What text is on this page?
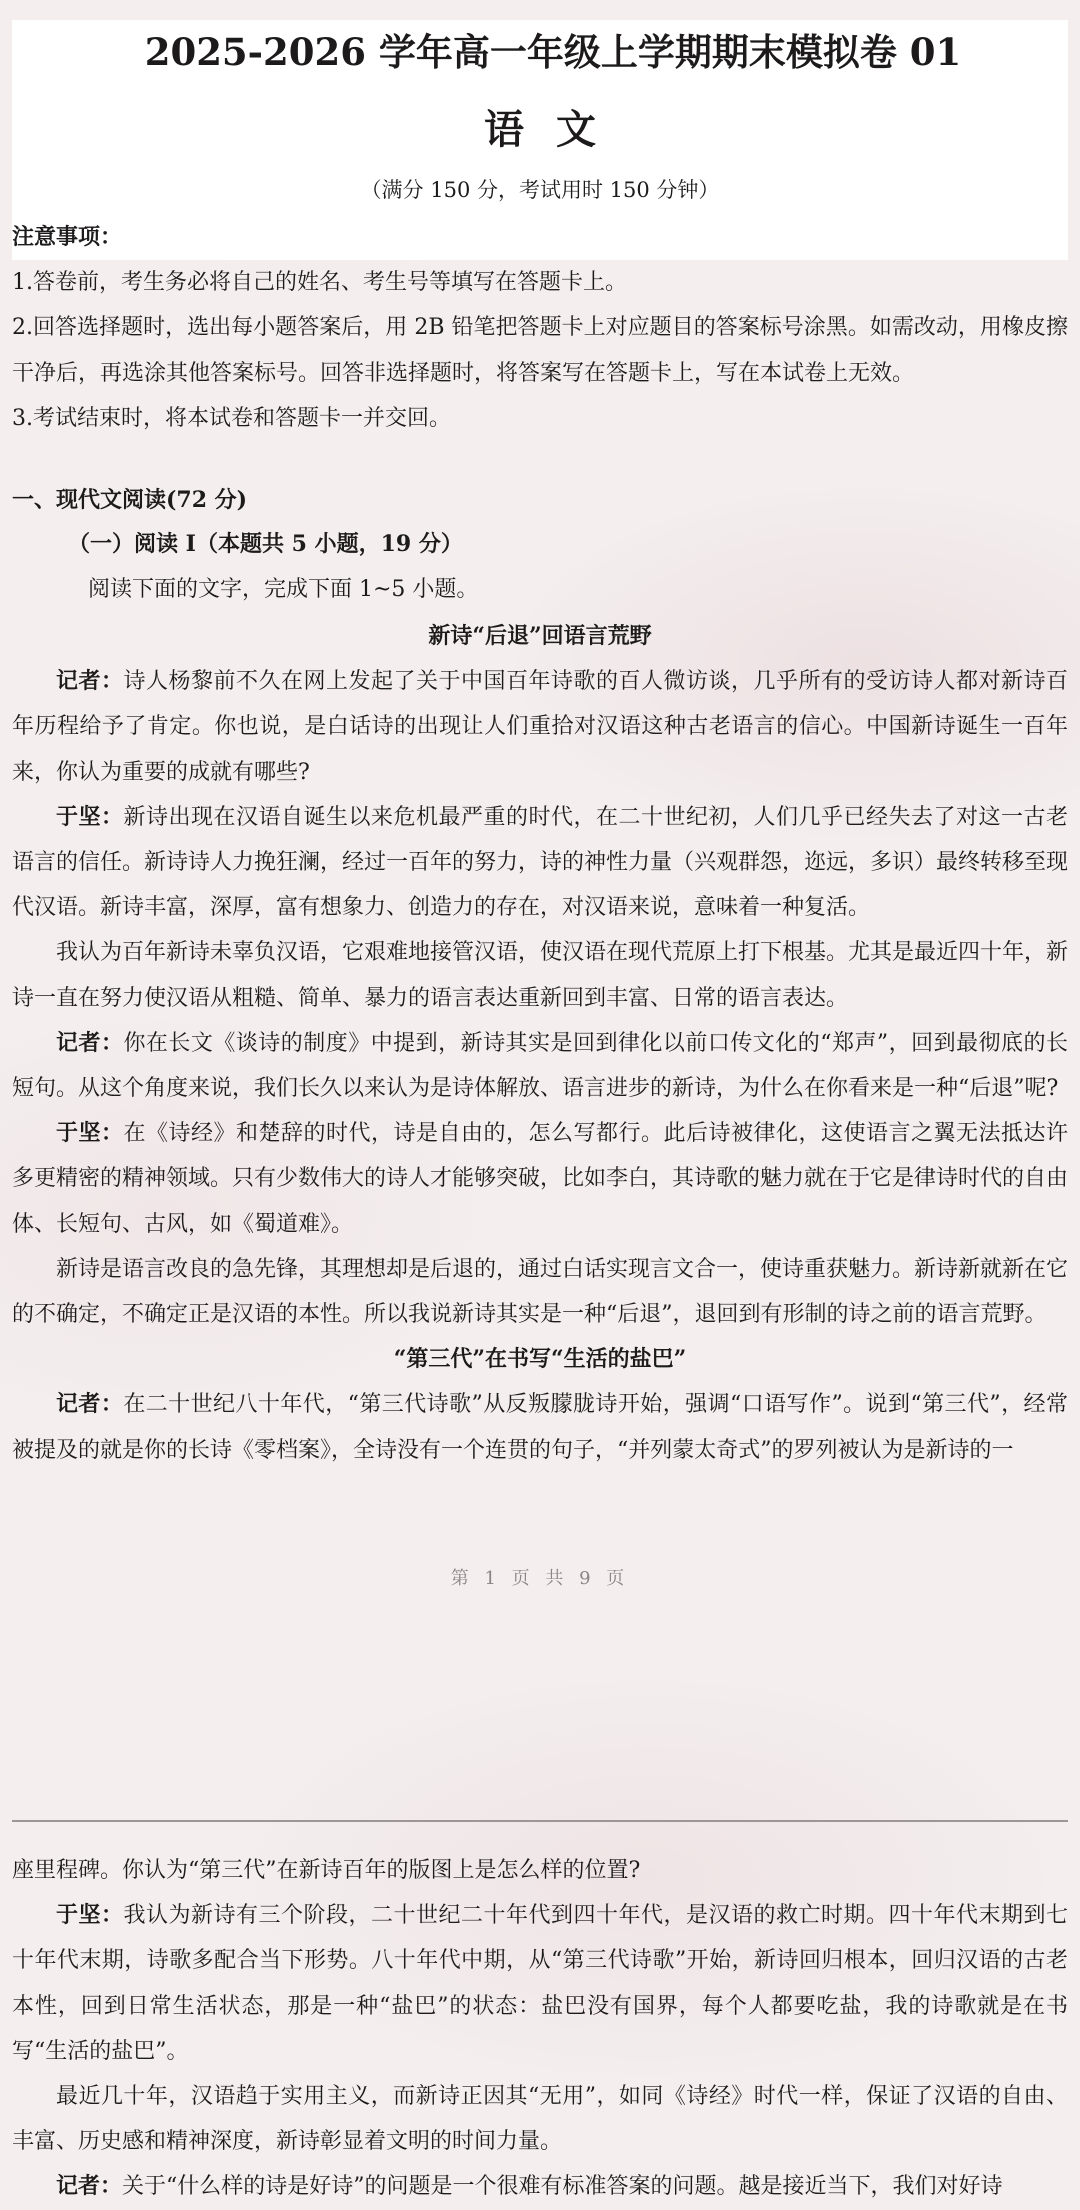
2025-2026 学年高一年级上学期期末模拟卷 01
语文
（满分 150 分，考试用时 150 分钟）

注意事项：

1.答卷前，考生务必将自己的姓名、考生号等填写在答题卡上。

2.回答选择题时，选出每小题答案后，用 2B 铅笔把答题卡上对应题目的答案标号涂黑。如需改动，用橡皮擦干净后，再选涂其他答案标号。回答非选择题时，将答案写在答题卡上，写在本试卷上无效。

3.考试结束时，将本试卷和答题卡一并交回。

一、现代文阅读(72 分)

（一）阅读 I（本题共 5 小题，19 分）

阅读下面的文字，完成下面 1~5 小题。

新诗“后退”回语言荒野

记者：诗人杨黎前不久在网上发起了关于中国百年诗歌的百人微访谈，几乎所有的受访诗人都对新诗百年历程给予了肯定。你也说，是白话诗的出现让人们重拾对汉语这种古老语言的信心。中国新诗诞生一百年来，你认为重要的成就有哪些?

于坚：新诗出现在汉语自诞生以来危机最严重的时代，在二十世纪初，人们几乎已经失去了对这一古老语言的信任。新诗诗人力挽狂澜，经过一百年的努力，诗的神性力量（兴观群怨，迩远，多识）最终转移至现代汉语。新诗丰富，深厚，富有想象力、创造力的存在，对汉语来说，意味着一种复活。

我认为百年新诗未辜负汉语，它艰难地接管汉语，使汉语在现代荒原上打下根基。尤其是最近四十年，新诗一直在努力使汉语从粗糙、简单、暴力的语言表达重新回到丰富、日常的语言表达。

记者：你在长文《谈诗的制度》中提到，新诗其实是回到律化以前口传文化的“郑声”，回到最彻底的长短句。从这个角度来说，我们长久以来认为是诗体解放、语言进步的新诗，为什么在你看来是一种“后退”呢?

于坚：在《诗经》和楚辞的时代，诗是自由的，怎么写都行。此后诗被律化，这使语言之翼无法抵达许多更精密的精神领域。只有少数伟大的诗人才能够突破，比如李白，其诗歌的魅力就在于它是律诗时代的自由体、长短句、古风，如《蜀道难》。

新诗是语言改良的急先锋，其理想却是后退的，通过白话实现言文合一，使诗重获魅力。新诗新就新在它的不确定，不确定正是汉语的本性。所以我说新诗其实是一种“后退”，退回到有形制的诗之前的语言荒野。

“第三代”在书写“生活的盐巴”

记者：在二十世纪八十年代，“第三代诗歌”从反叛朦胧诗开始，强调“口语写作”。说到“第三代”，经常被提及的就是你的长诗《零档案》，全诗没有一个连贯的句子，“并列蒙太奇式”的罗列被认为是新诗的一

第 1 页 共 9 页

座里程碑。你认为“第三代”在新诗百年的版图上是怎么样的位置?

于坚：我认为新诗有三个阶段，二十世纪二十年代到四十年代，是汉语的救亡时期。四十年代末期到七十年代末期，诗歌多配合当下形势。八十年代中期，从“第三代诗歌”开始，新诗回归根本，回归汉语的古老本性，回到日常生活状态，那是一种“盐巴”的状态：盐巴没有国界，每个人都要吃盐，我的诗歌就是在书写“生活的盐巴”。

最近几十年，汉语趋于实用主义，而新诗正因其“无用”，如同《诗经》时代一样，保证了汉语的自由、丰富、历史感和精神深度，新诗彰显着文明的时间力量。

记者：关于“什么样的诗是好诗”的问题是一个很难有标准答案的问题。越是接近当下，我们对好诗
